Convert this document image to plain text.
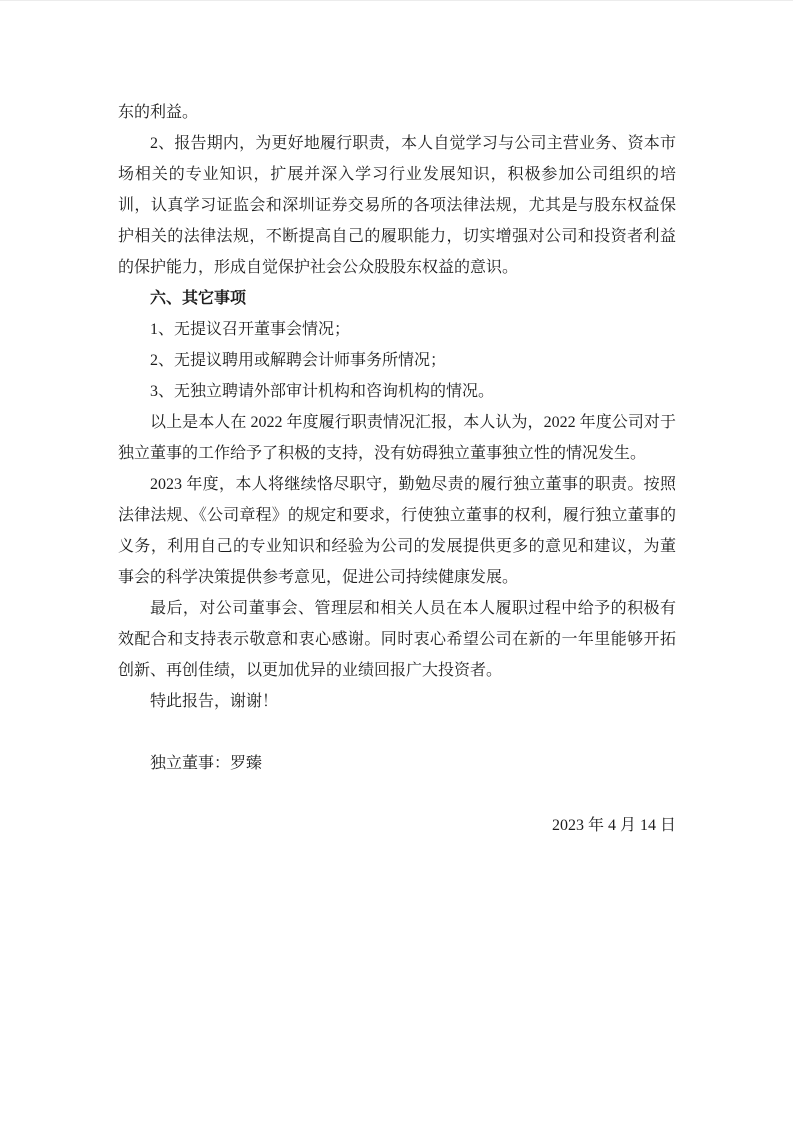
东的利益。

2、报告期内，为更好地履行职责，本人自觉学习与公司主营业务、资本市场相关的专业知识，扩展并深入学习行业发展知识，积极参加公司组织的培训，认真学习证监会和深圳证券交易所的各项法律法规，尤其是与股东权益保护相关的法律法规，不断提高自己的履职能力，切实增强对公司和投资者利益的保护能力，形成自觉保护社会公众股股东权益的意识。

六、其它事项

1、无提议召开董事会情况；

2、无提议聘用或解聘会计师事务所情况；

3、无独立聘请外部审计机构和咨询机构的情况。

以上是本人在 2022 年度履行职责情况汇报，本人认为，2022 年度公司对于独立董事的工作给予了积极的支持，没有妨碍独立董事独立性的情况发生。

2023 年度，本人将继续恪尽职守，勤勉尽责的履行独立董事的职责。按照法律法规、《公司章程》的规定和要求，行使独立董事的权利，履行独立董事的义务，利用自己的专业知识和经验为公司的发展提供更多的意见和建议，为董事会的科学决策提供参考意见，促进公司持续健康发展。

最后，对公司董事会、管理层和相关人员在本人履职过程中给予的积极有效配合和支持表示敬意和衷心感谢。同时衷心希望公司在新的一年里能够开拓创新、再创佳绩，以更加优异的业绩回报广大投资者。

特此报告，谢谢！

独立董事：罗臻

2023 年 4 月 14 日
